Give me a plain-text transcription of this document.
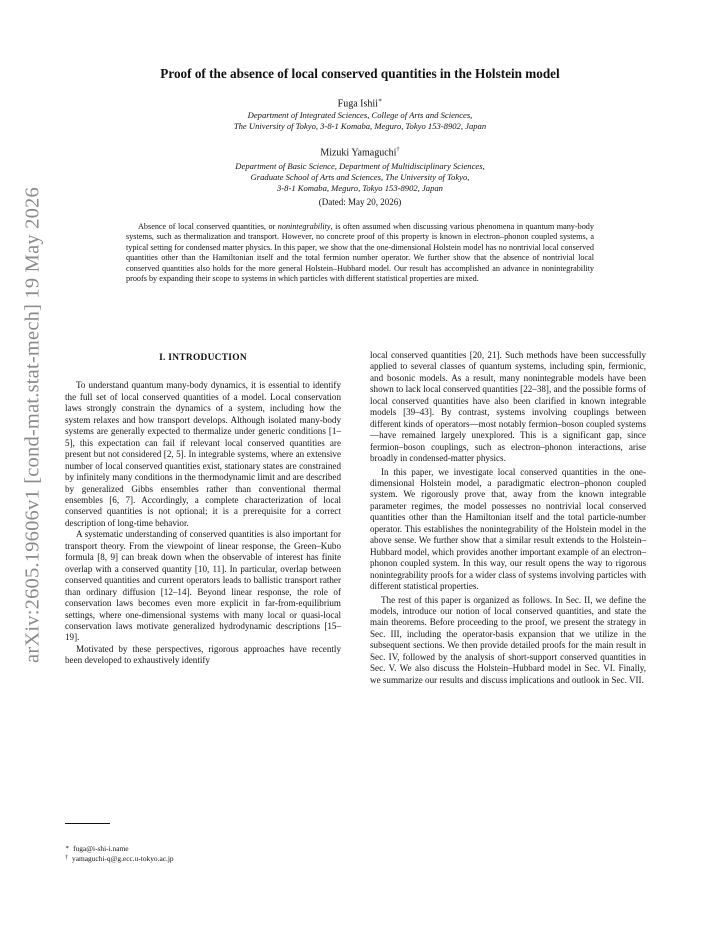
arXiv:2605.19606v1 [cond-mat.stat-mech] 19 May 2026
Proof of the absence of local conserved quantities in the Holstein model
Fuga Ishii∗
Department of Integrated Sciences, College of Arts and Sciences,
The University of Tokyo, 3-8-1 Komaba, Meguro, Tokyo 153-8902, Japan
Mizuki Yamaguchi†
Department of Basic Science, Department of Multidisciplinary Sciences,
Graduate School of Arts and Sciences, The University of Tokyo,
3-8-1 Komaba, Meguro, Tokyo 153-8902, Japan
(Dated: May 20, 2026)
Absence of local conserved quantities, or nonintegrability, is often assumed when discussing various phenomena in quantum many-body systems, such as thermalization and transport. However, no concrete proof of this property is known in electron–phonon coupled systems, a typical setting for condensed matter physics. In this paper, we show that the one-dimensional Holstein model has no nontrivial local conserved quantities other than the Hamiltonian itself and the total fermion number operator. We further show that the absence of nontrivial local conserved quantities also holds for the more general Holstein–Hubbard model. Our result has accomplished an advance in nonintegrability proofs by expanding their scope to systems in which particles with different statistical properties are mixed.
I. INTRODUCTION

To understand quantum many-body dynamics, it is essential to identify the full set of local conserved quantities of a model. Local conservation laws strongly constrain the dynamics of a system, including how the system relaxes and how transport develops. Although isolated many-body systems are generally expected to thermalize under generic conditions [1–5], this expectation can fail if relevant local conserved quantities are present but not considered [2, 5]. In integrable systems, where an extensive number of local conserved quantities exist, stationary states are constrained by infinitely many conditions in the thermodynamic limit and are described by generalized Gibbs ensembles rather than conventional thermal ensembles [6, 7]. Accordingly, a complete characterization of local conserved quantities is not optional; it is a prerequisite for a correct description of long-time behavior.

A systematic understanding of conserved quantities is also important for transport theory. From the viewpoint of linear response, the Green–Kubo formula [8, 9] can break down when the observable of interest has finite overlap with a conserved quantity [10, 11]. In particular, overlap between conserved quantities and current operators leads to ballistic transport rather than ordinary diffusion [12–14]. Beyond linear response, the role of conservation laws becomes even more explicit in far-from-equilibrium settings, where one-dimensional systems with many local or quasi-local conservation laws motivate generalized hydrodynamic descriptions [15–19].

Motivated by these perspectives, rigorous approaches have recently been developed to exhaustively identify

local conserved quantities [20, 21]. Such methods have been successfully applied to several classes of quantum systems, including spin, fermionic, and bosonic models. As a result, many nonintegrable models have been shown to lack local conserved quantities [22–38], and the possible forms of local conserved quantities have also been clarified in known integrable models [39–43]. By contrast, systems involving couplings between different kinds of operators—most notably fermion–boson coupled systems—have remained largely unexplored. This is a significant gap, since fermion–boson couplings, such as electron–phonon interactions, arise broadly in condensed-matter physics.

In this paper, we investigate local conserved quantities in the one-dimensional Holstein model, a paradigmatic electron–phonon coupled system. We rigorously prove that, away from the known integrable parameter regimes, the model possesses no nontrivial local conserved quantities other than the Hamiltonian itself and the total particle-number operator. This establishes the nonintegrability of the Holstein model in the above sense. We further show that a similar result extends to the Holstein–Hubbard model, which provides another important example of an electron–phonon coupled system. In this way, our result opens the way to rigorous nonintegrability proofs for a wider class of systems involving particles with different statistical properties.

The rest of this paper is organized as follows. In Sec. II, we define the models, introduce our notion of local conserved quantities, and state the main theorems. Before proceeding to the proof, we present the strategy in Sec. III, including the operator-basis expansion that we utilize in the subsequent sections. We then provide detailed proofs for the main result in Sec. IV, followed by the analysis of short-support conserved quantities in Sec. V. We also discuss the Holstein–Hubbard model in Sec. VI. Finally, we summarize our results and discuss implications and outlook in Sec. VII.

∗ fuga@i-shi-i.name
† yamaguchi-q@g.ecc.u-tokyo.ac.jp
